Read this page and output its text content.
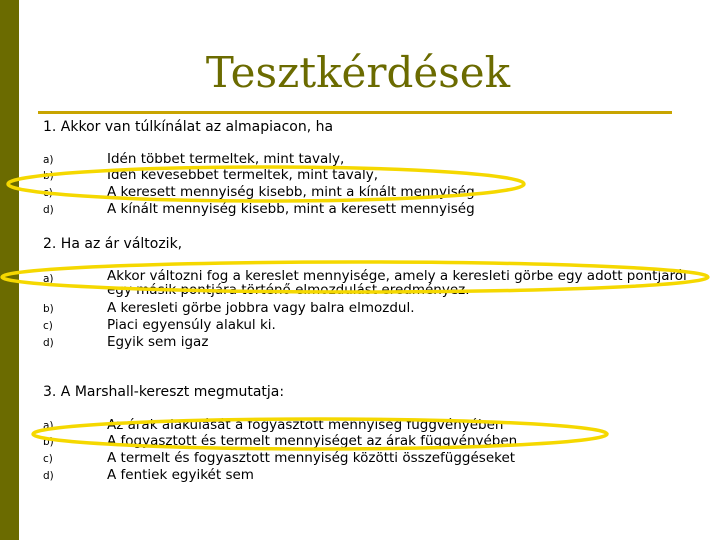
Tesztkérdések
1. Akkor van túlkínálat az almapiacon, ha
a)	Idén többet termeltek, mint tavaly,
b)	Idén kevesebbet termeltek, mint tavaly,
c)	A keresett mennyiség kisebb, mint a kínált mennyiség
d)	A kínált mennyiség kisebb, mint a keresett mennyiség
2. Ha az ár változik,
a)	Akkor változni fog a kereslet mennyisége, amely a keresleti görbe egy adott pontjáról
egy másik pontjára történő elmozdulást eredményez.
b)	A keresleti görbe jobbra vagy balra elmozdul.
c)	Piaci egyensúly alakul ki.
d)	Egyik sem igaz
3. A Marshall-kereszt megmutatja:
a)	Az árak alakulását a fogyasztott mennyiség függvényében
b)	A fogyasztott és termelt mennyiséget az árak függvényében
c)	A termelt és fogyasztott mennyiség közötti összefüggéseket
d)	A fentiek egyikét sem
